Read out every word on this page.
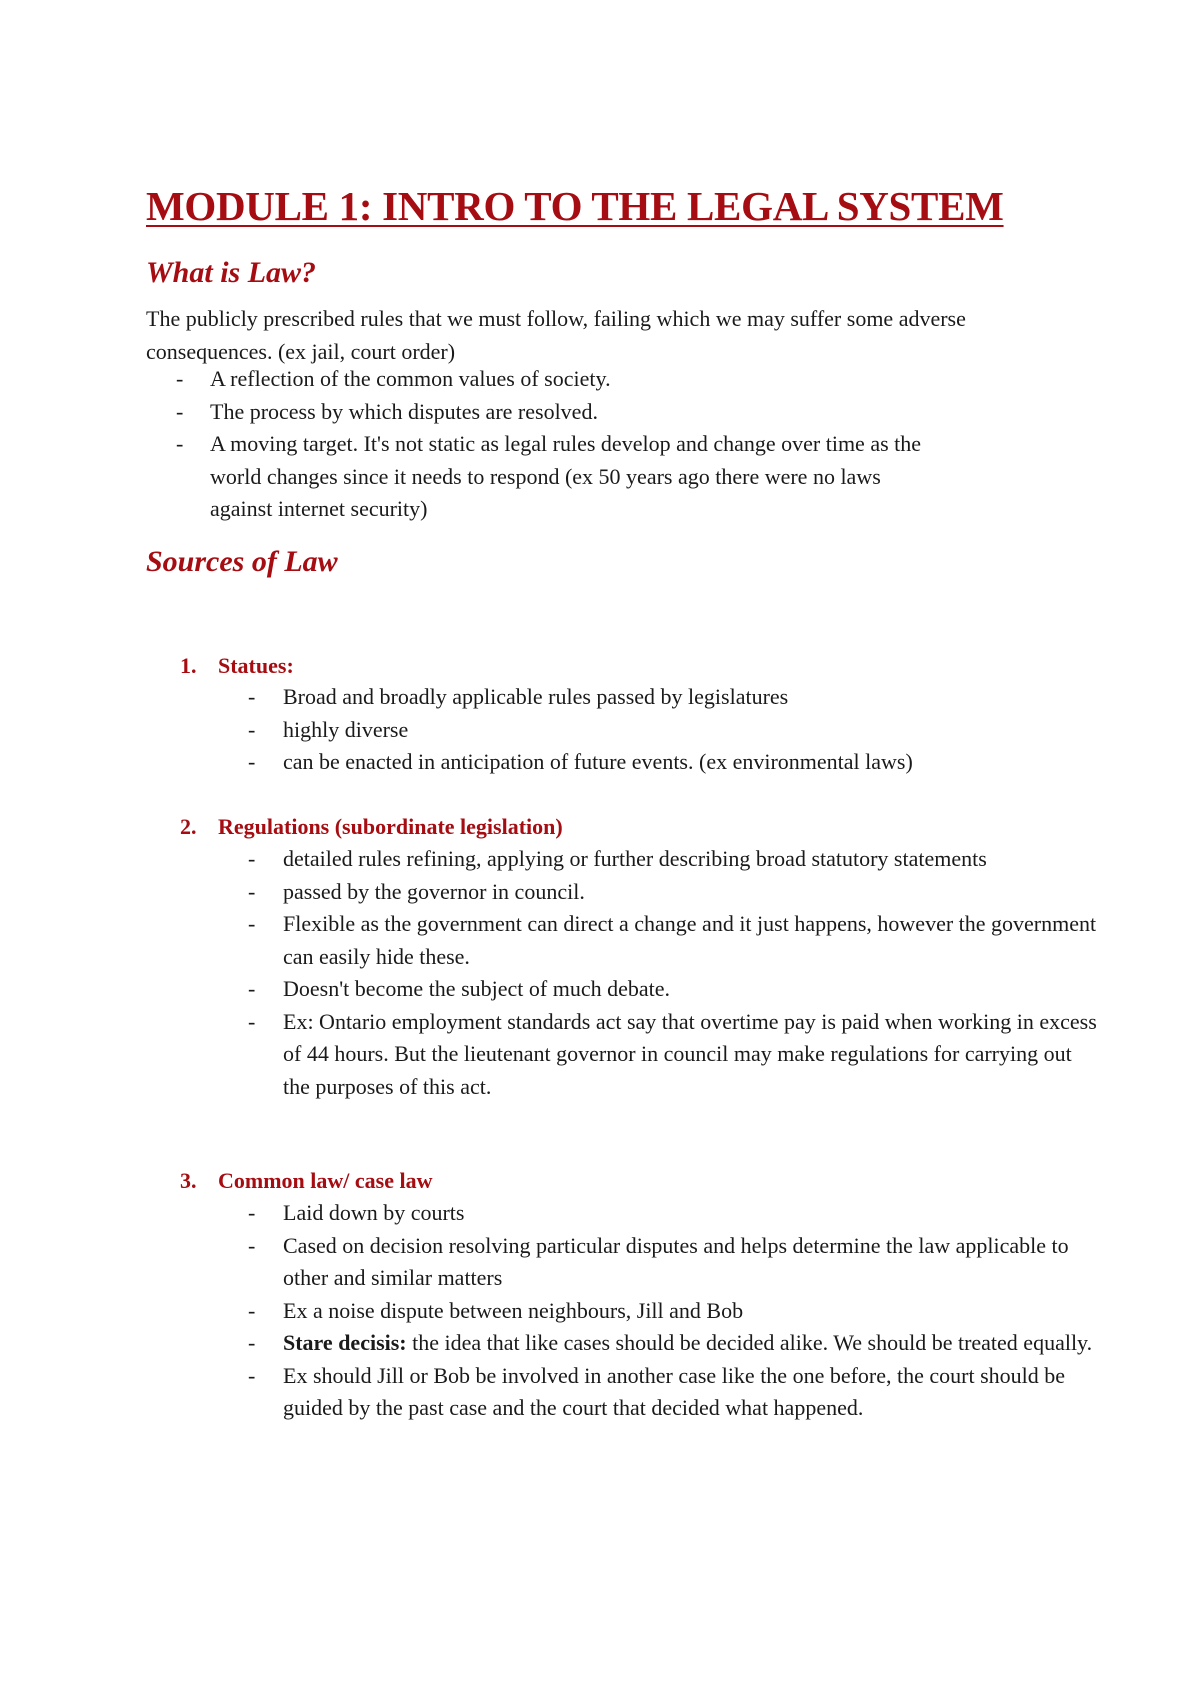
MODULE 1: INTRO TO THE LEGAL SYSTEM
What is Law?

The publicly prescribed rules that we must follow, failing which we may suffer some adverse consequences. (ex jail, court order)

- A reflection of the common values of society.
- The process by which disputes are resolved.
- A moving target. It's not static as legal rules develop and change over time as the world changes since it needs to respond (ex 50 years ago there were no laws against internet security)
Sources of Law
1. Statues:
- Broad and broadly applicable rules passed by legislatures
- highly diverse
- can be enacted in anticipation of future events. (ex environmental laws)
2. Regulations (subordinate legislation)
- detailed rules refining, applying or further describing broad statutory statements
- passed by the governor in council.
- Flexible as the government can direct a change and it just happens, however the government can easily hide these.
- Doesn't become the subject of much debate.
- Ex: Ontario employment standards act say that overtime pay is paid when working in excess of 44 hours. But the lieutenant governor in council may make regulations for carrying out the purposes of this act.
3. Common law/ case law
- Laid down by courts
- Cased on decision resolving particular disputes and helps determine the law applicable to other and similar matters
- Ex a noise dispute between neighbours, Jill and Bob
- Stare decisis: the idea that like cases should be decided alike. We should be treated equally.
- Ex should Jill or Bob be involved in another case like the one before, the court should be guided by the past case and the court that decided what happened.
